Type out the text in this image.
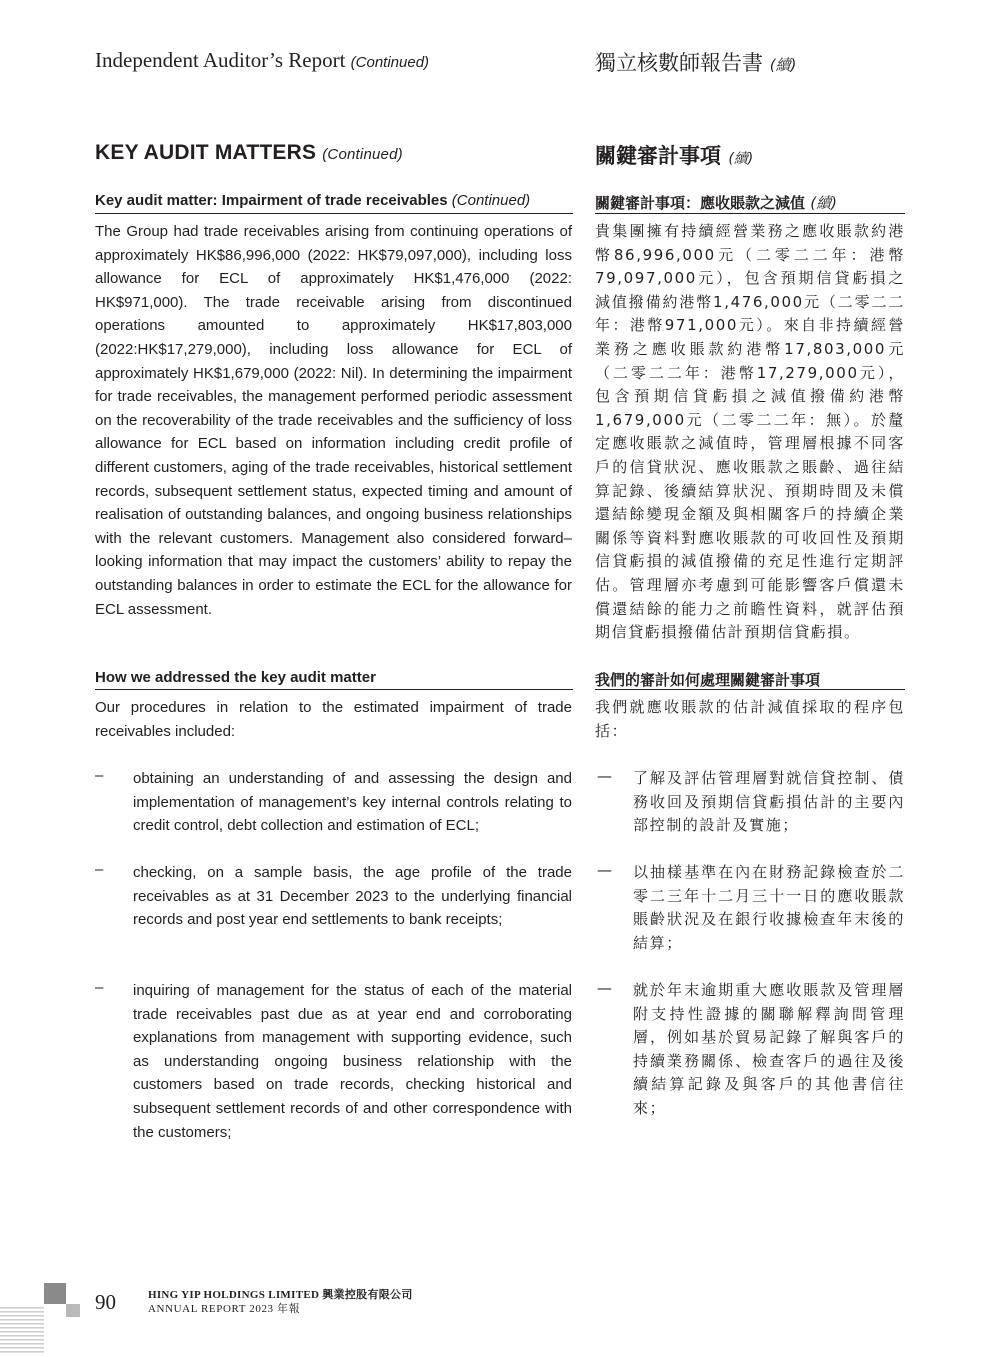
Independent Auditor’s Report (Continued)	獨立核數師報告書 (續)
KEY AUDIT MATTERS (Continued)	關鍵審計事項 (續)
Key audit matter: Impairment of trade receivables (Continued)	關鍵審計事項：應收賬款之減值 (續)
The Group had trade receivables arising from continuing operations of approximately HK$86,996,000 (2022: HK$79,097,000), including loss allowance for ECL of approximately HK$1,476,000 (2022: HK$971,000). The trade receivable arising from discontinued operations amounted to approximately HK$17,803,000 (2022:HK$17,279,000), including loss allowance for ECL of approximately HK$1,679,000 (2022: Nil). In determining the impairment for trade receivables, the management performed periodic assessment on the recoverability of the trade receivables and the sufficiency of loss allowance for ECL based on information including credit profile of different customers, aging of the trade receivables, historical settlement records, subsequent settlement status, expected timing and amount of realisation of outstanding balances, and ongoing business relationships with the relevant customers. Management also considered forward–looking information that may impact the customers’ ability to repay the outstanding balances in order to estimate the ECL for the allowance for ECL assessment.
貴集團擁有持續經營業務之應收賬款約港幣86,996,000元（二零二二年：港幣79,097,000元），包含預期信貸虧損之減值撥備約港幣1,476,000元（二零二二年：港幣971,000元）。來自非持續經營業務之應收賬款約港幣17,803,000元（二零二二年：港幣17,279,000元），包含預期信貸虧損之減值撥備約港幣1,679,000元（二零二二年：無）。於釐定應收賬款之減值時，管理層根據不同客戶的信貸狀況、應收賬款之賬齡、過往結算記錄、後續結算狀況、預期時間及未償還結餘變現金額及與相關客戶的持續企業關係等資料對應收賬款的可收回性及預期信貸虧損的減值撥備的充足性進行定期評估。管理層亦考慮到可能影響客戶償還未償還結餘的能力之前瞻性資料，就評估預期信貸虧損撥備估計預期信貸虧損。
How we addressed the key audit matter	我們的審計如何處理關鍵審計事項
Our procedures in relation to the estimated impairment of trade receivables included:
我們就應收賬款的估計減值採取的程序包括：
– obtaining an understanding of and assessing the design and implementation of management’s key internal controls relating to credit control, debt collection and estimation of ECL;
— 了解及評估管理層對就信貸控制、債務收回及預期信貸虧損估計的主要內部控制的設計及實施；
– checking, on a sample basis, the age profile of the trade receivables as at 31 December 2023 to the underlying financial records and post year end settlements to bank receipts;
— 以抽樣基準在內在財務記錄檢查於二零二三年十二月三十一日的應收賬款賬齡狀況及在銀行收據檢查年末後的結算；
– inquiring of management for the status of each of the material trade receivables past due as at year end and corroborating explanations from management with supporting evidence, such as understanding ongoing business relationship with the customers based on trade records, checking historical and subsequent settlement records of and other correspondence with the customers;
— 就於年末逾期重大應收賬款及管理層附支持性證據的關聯解釋詢問管理層，例如基於貿易記錄了解與客戶的持續業務關係、檢查客戶的過往及後續結算記錄及與客戶的其他書信往來；
90	HING YIP HOLDINGS LIMITED 興業控股有限公司
ANNUAL REPORT 2023 年報
